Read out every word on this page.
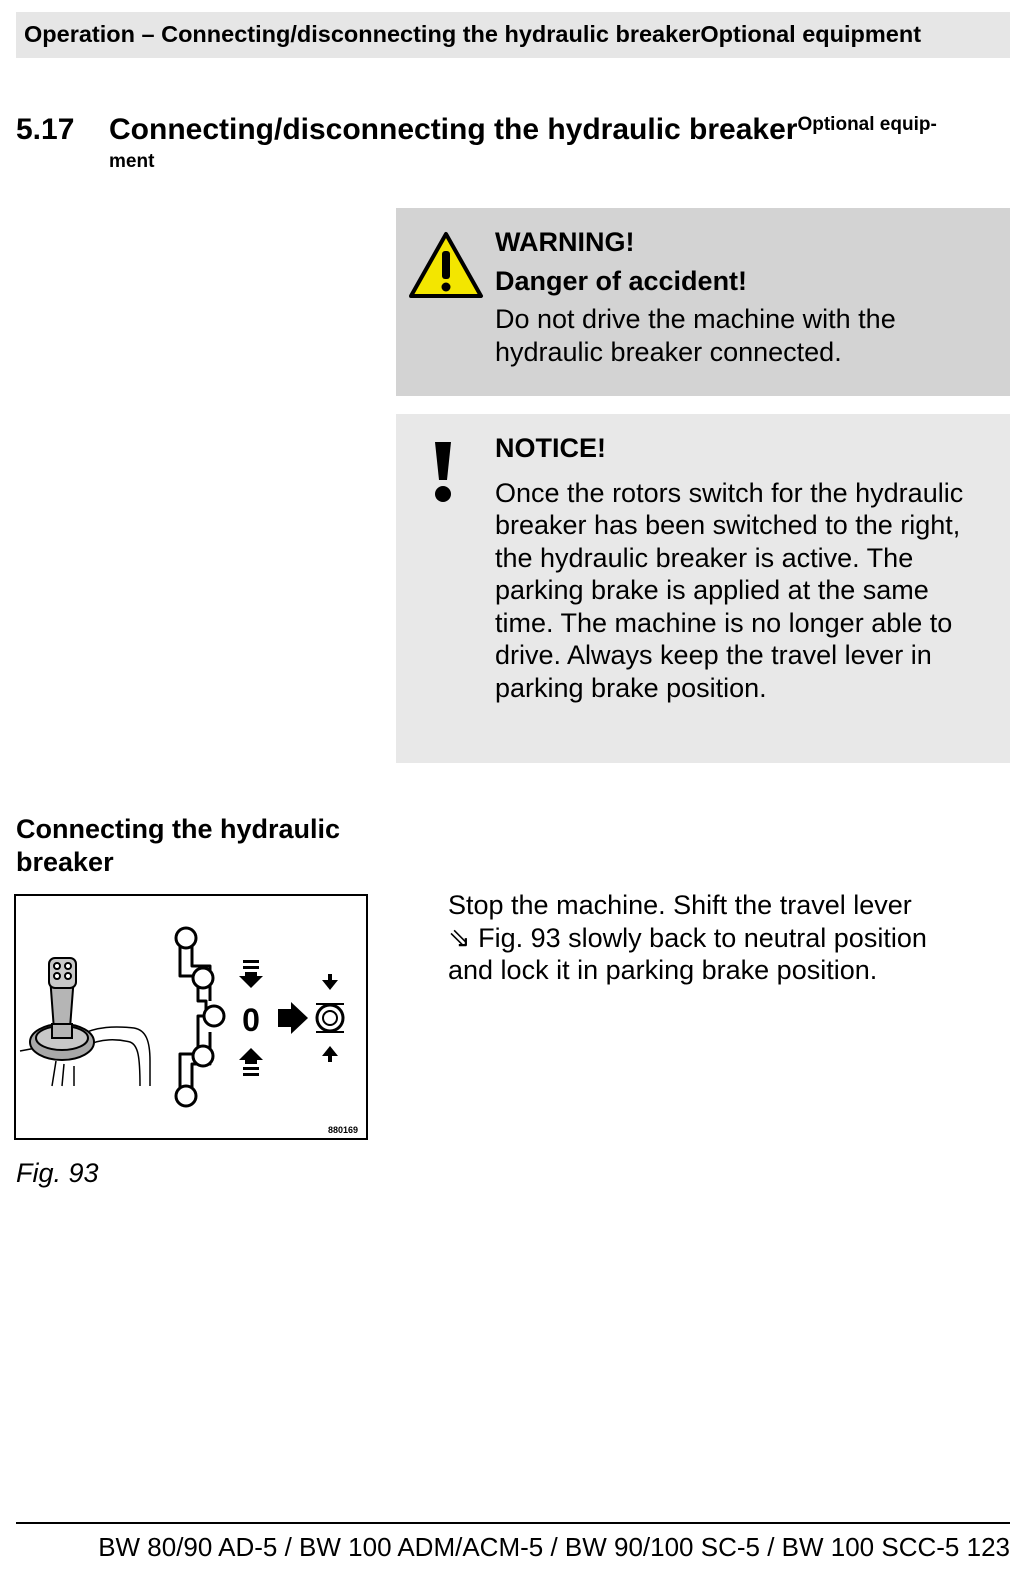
Operation – Connecting/disconnecting the hydraulic breakerOptional equipment
5.17 Connecting/disconnecting the hydraulic breaker$^{Optional equip-}$
ment
WARNING!
Danger of accident!
Do not drive the machine with the hydraulic breaker connected.
NOTICE!
Once the rotors switch for the hydraulic breaker has been switched to the right, the hydraulic breaker is active. The parking brake is applied at the same time. The machine is no longer able to drive. Always keep the travel lever in parking brake position.
Connecting the hydraulic breaker
0
880169
Fig. 93
Stop the machine. Shift the travel lever
⇘ Fig. 93 slowly back to neutral position
and lock it in parking brake position.
BW 80/90 AD-5 / BW 100 ADM/ACM-5 / BW 90/100 SC-5 / BW 100 SCC-5 123
